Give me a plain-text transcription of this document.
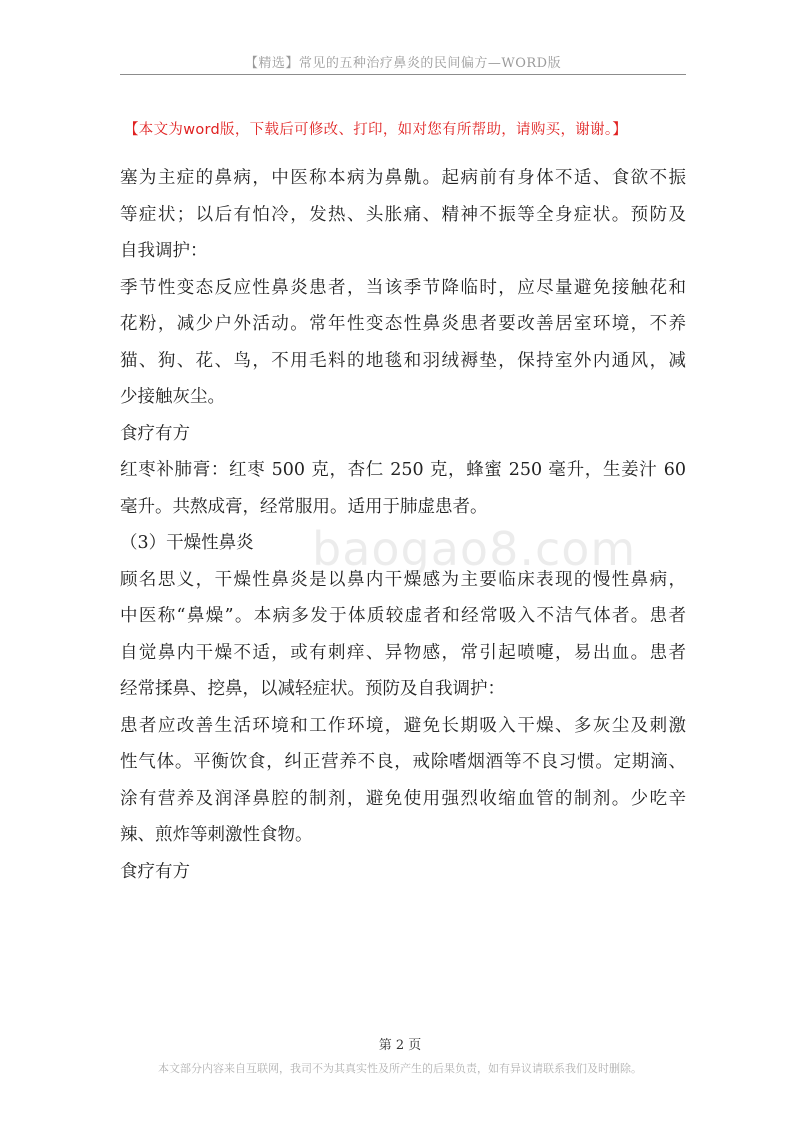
【精选】常见的五种治疗鼻炎的民间偏方—WORD版
【本文为word版，下载后可修改、打印，如对您有所帮助，请购买，谢谢。】
塞为主症的鼻病，中医称本病为鼻鼽。起病前有身体不适、食欲不振
等症状；以后有怕冷，发热、头胀痛、精神不振等全身症状。预防及
自我调护：
季节性变态反应性鼻炎患者，当该季节降临时，应尽量避免接触花和
花粉，减少户外活动。常年性变态性鼻炎患者要改善居室环境，不养
猫、狗、花、鸟，不用毛料的地毯和羽绒褥垫，保持室外内通风，减
少接触灰尘。
食疗有方
红枣补肺膏：红枣 500 克，杏仁 250 克，蜂蜜 250 毫升，生姜汁 60
毫升。共熬成膏，经常服用。适用于肺虚患者。
（3）干燥性鼻炎
顾名思义，干燥性鼻炎是以鼻内干燥感为主要临床表现的慢性鼻病，
中医称“鼻燥”。本病多发于体质较虚者和经常吸入不洁气体者。患者
自觉鼻内干燥不适，或有刺痒、异物感，常引起喷嚏，易出血。患者
经常揉鼻、挖鼻，以减轻症状。预防及自我调护：
患者应改善生活环境和工作环境，避免长期吸入干燥、多灰尘及刺激
性气体。平衡饮食，纠正营养不良，戒除嗜烟酒等不良习惯。定期滴、
涂有营养及润泽鼻腔的制剂，避免使用强烈收缩血管的制剂。少吃辛
辣、煎炸等刺激性食物。
食疗有方
baogao8.com
第 2 页
本文部分内容来自互联网，我司不为其真实性及所产生的后果负责，如有异议请联系我们及时删除。
